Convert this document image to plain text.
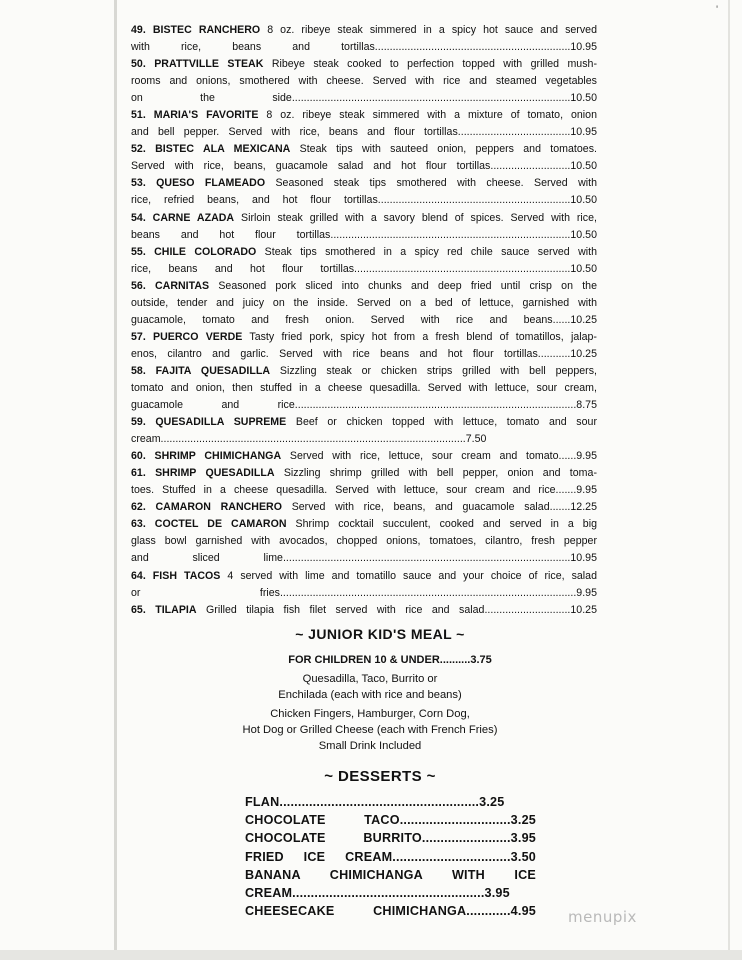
'
49. BISTEC RANCHERO 8 oz. ribeye steak simmered in a spicy hot sauce and served
with rice, beans and tortillas..................................................................10.95
50. PRATTVILLE STEAK Ribeye steak cooked to perfection topped with grilled mush-
rooms and onions, smothered with cheese. Served with rice and steamed vegetables
on the side..............................................................................................10.50
51. MARIA'S FAVORITE 8 oz. ribeye steak simmered with a mixture of tomato, onion
and bell pepper. Served with rice, beans and flour tortillas......................................10.95
52. BISTEC ALA MEXICANA Steak tips with sauteed onion, peppers and tomatoes.
Served with rice, beans, guacamole salad and hot flour tortillas...........................10.50
53. QUESO FLAMEADO Seasoned steak tips smothered with cheese. Served with
rice, refried beans, and hot flour tortillas.................................................................10.50
54. CARNE AZADA Sirloin steak grilled with a savory blend of spices. Served with rice,
beans and hot flour tortillas.................................................................................10.50
55. CHILE COLORADO Steak tips smothered in a spicy red chile sauce served with
rice, beans and hot flour tortillas.........................................................................10.50
56. CARNITAS Seasoned pork sliced into chunks and deep fried until crisp on the
outside, tender and juicy on the inside. Served on a bed of lettuce, garnished with
guacamole, tomato and fresh onion. Served with rice and beans......10.25
57. PUERCO VERDE Tasty fried pork, spicy hot from a fresh blend of tomatillos, jalap-
enos, cilantro and garlic. Served with rice beans and hot flour tortillas...........10.25
58. FAJITA QUESADILLA Sizzling steak or chicken strips grilled with bell peppers,
tomato and onion, then stuffed in a cheese quesadilla. Served with lettuce, sour cream,
guacamole and rice...............................................................................................8.75
59. QUESADILLA SUPREME Beef or chicken topped with lettuce, tomato and sour
cream.......................................................................................................7.50
60. SHRIMP CHIMICHANGA Served with rice, lettuce, sour cream and tomato......9.95
61. SHRIMP QUESADILLA Sizzling shrimp grilled with bell pepper, onion and toma-
toes. Stuffed in a cheese quesadilla. Served with lettuce, sour cream and rice.......9.95
62. CAMARON RANCHERO Served with rice, beans, and guacamole salad.......12.25
63. COCTEL DE CAMARON Shrimp cocktail succulent, cooked and served in a big
glass bowl garnished with avocados, chopped onions, tomatoes, cilantro, fresh pepper
and sliced lime.................................................................................................10.95
64. FISH TACOS 4 served with lime and tomatillo sauce and your choice of rice, salad
or fries....................................................................................................9.95
65. TILAPIA Grilled tilapia fish filet served with rice and salad.............................10.25
~ JUNIOR KID'S MEAL ~
FOR CHILDREN 10 & UNDER..........3.75
Quesadilla, Taco, Burrito or
Enchilada (each with rice and beans)
Chicken Fingers, Hamburger, Corn Dog,
Hot Dog or Grilled Cheese (each with French Fries)
Small Drink Included
~ DESSERTS ~
FLAN......................................................3.25
CHOCOLATE TACO..............................3.25
CHOCOLATE BURRITO........................3.95
FRIED ICE CREAM................................3.50
BANANA CHIMICHANGA WITH ICE
CREAM....................................................3.95
CHEESECAKE CHIMICHANGA............4.95 menupix
